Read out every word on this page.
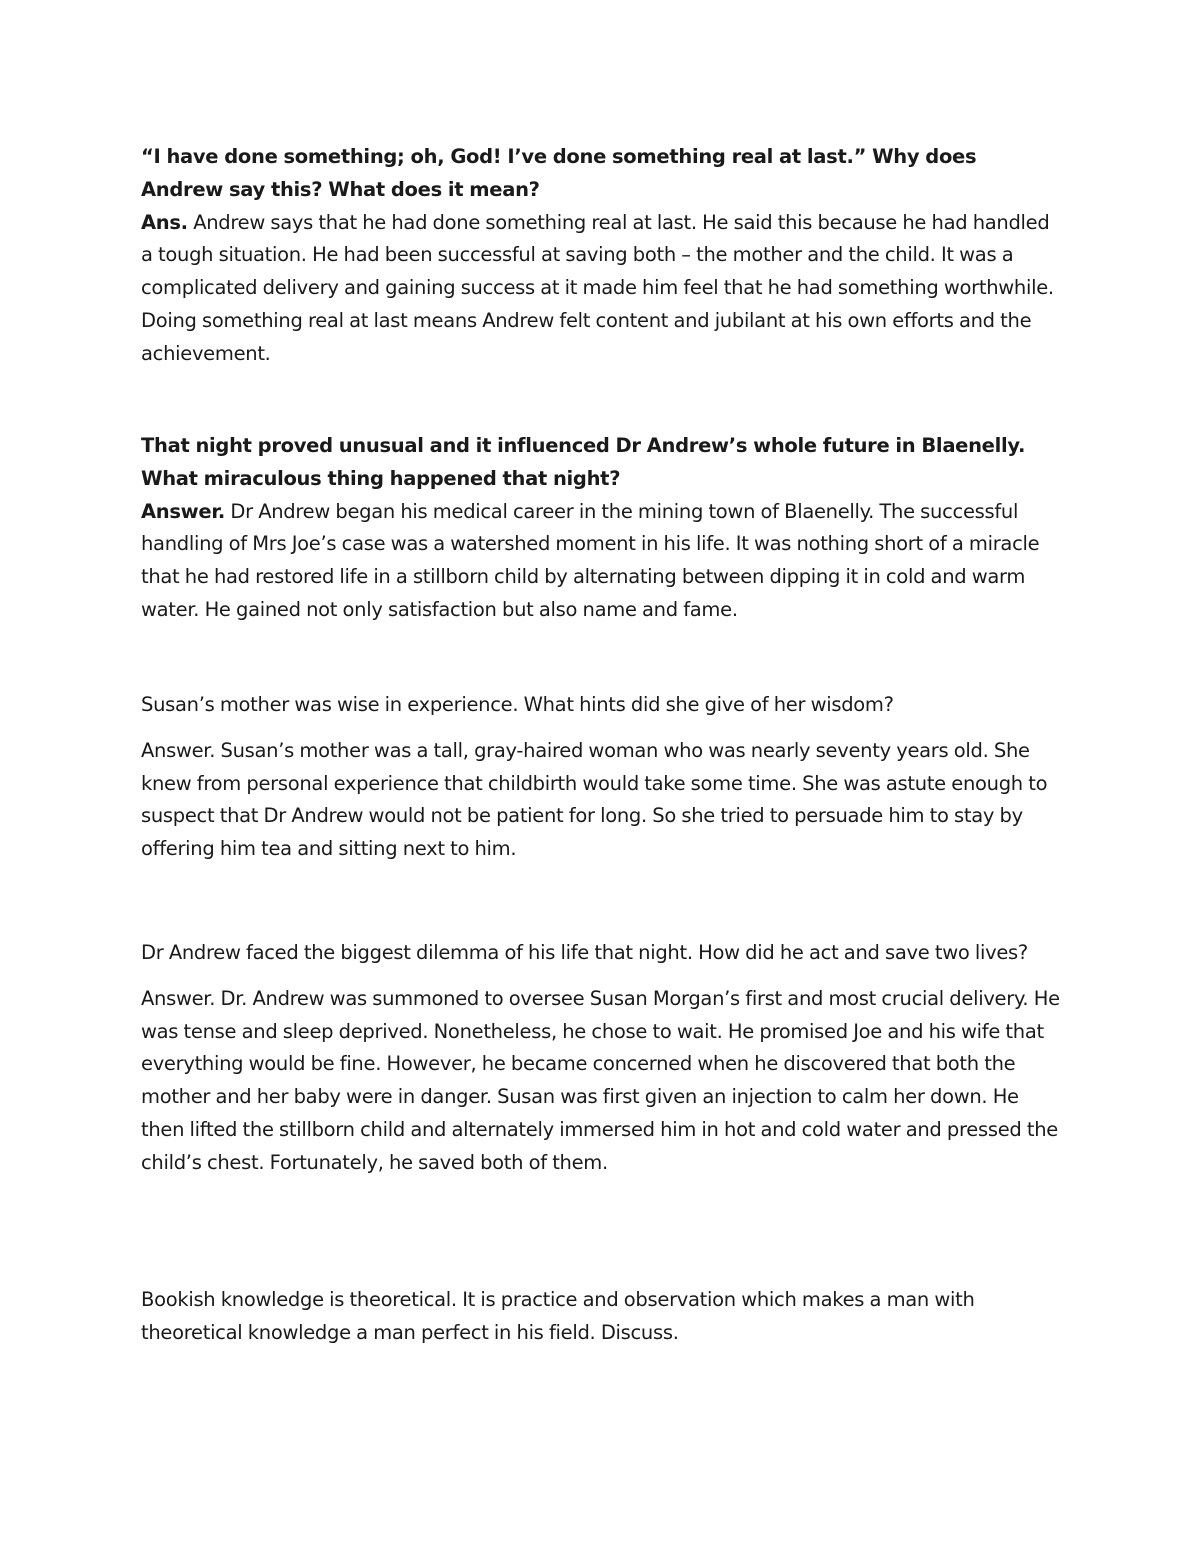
“I have done something; oh, God! I’ve done something real at last.” Why does Andrew say this? What does it mean?

Ans. Andrew says that he had done something real at last. He said this because he had handled a tough situation. He had been successful at saving both – the mother and the child. It was a complicated delivery and gaining success at it made him feel that he had something worthwhile. Doing something real at last means Andrew felt content and jubilant at his own efforts and the achievement.

That night proved unusual and it influenced Dr Andrew’s whole future in Blaenelly. What miraculous thing happened that night?

Answer. Dr Andrew began his medical career in the mining town of Blaenelly. The successful handling of Mrs Joe’s case was a watershed moment in his life. It was nothing short of a miracle that he had restored life in a stillborn child by alternating between dipping it in cold and warm water. He gained not only satisfaction but also name and fame.

Susan’s mother was wise in experience. What hints did she give of her wisdom?

Answer. Susan’s mother was a tall, gray-haired woman who was nearly seventy years old. She knew from personal experience that childbirth would take some time. She was astute enough to suspect that Dr Andrew would not be patient for long. So she tried to persuade him to stay by offering him tea and sitting next to him.

Dr Andrew faced the biggest dilemma of his life that night. How did he act and save two lives?

Answer. Dr. Andrew was summoned to oversee Susan Morgan’s first and most crucial delivery. He was tense and sleep deprived. Nonetheless, he chose to wait. He promised Joe and his wife that everything would be fine. However, he became concerned when he discovered that both the mother and her baby were in danger. Susan was first given an injection to calm her down. He then lifted the stillborn child and alternately immersed him in hot and cold water and pressed the child’s chest. Fortunately, he saved both of them.

Bookish knowledge is theoretical. It is practice and observation which makes a man with theoretical knowledge a man perfect in his field. Discuss.
